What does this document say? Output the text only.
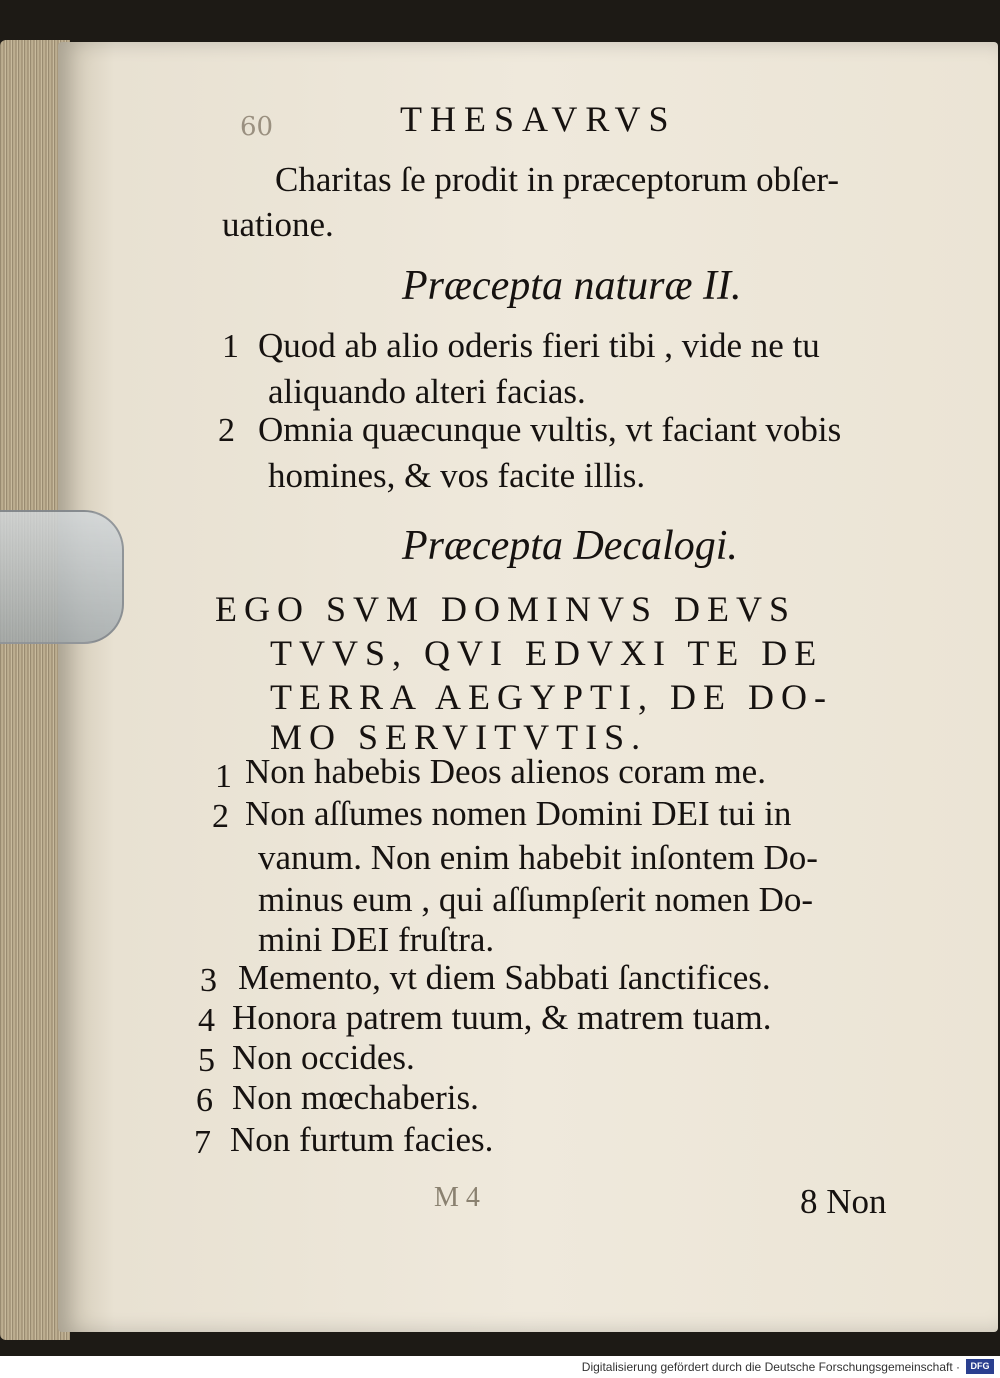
60	THESAVRVS
Charitas ſe prodit in præceptorum obſer-
uatione.
Præcepta naturæ II.
1 Quod ab alio oderis fieri tibi , vide ne tu
aliquando alteri facias.
2 Omnia quæcunque vultis, vt faciant vobis
homines, & vos facite illis.
Præcepta Decalogi.
EGO SVM DOMINVS DEVS
TVVS, QVI EDVXI TE DE
TERRA AEGYPTI, DE DO-
MO SERVITVTIS.
1 Non habebis Deos alienos coram me.
2 Non aſſumes nomen Domini DEI tui in
vanum. Non enim habebit inſontem Do-
minus eum , qui aſſumpſerit nomen Do-
mini DEI fruſtra.
3 Memento, vt diem Sabbati ſanctifices.
4 Honora patrem tuum, & matrem tuam.
5 Non occides.
6 Non mœchaberis.
7 Non furtum facies.
M 4	8 Non
Digitalisierung gefördert durch die Deutsche Forschungsgemeinschaft ·	DFG
